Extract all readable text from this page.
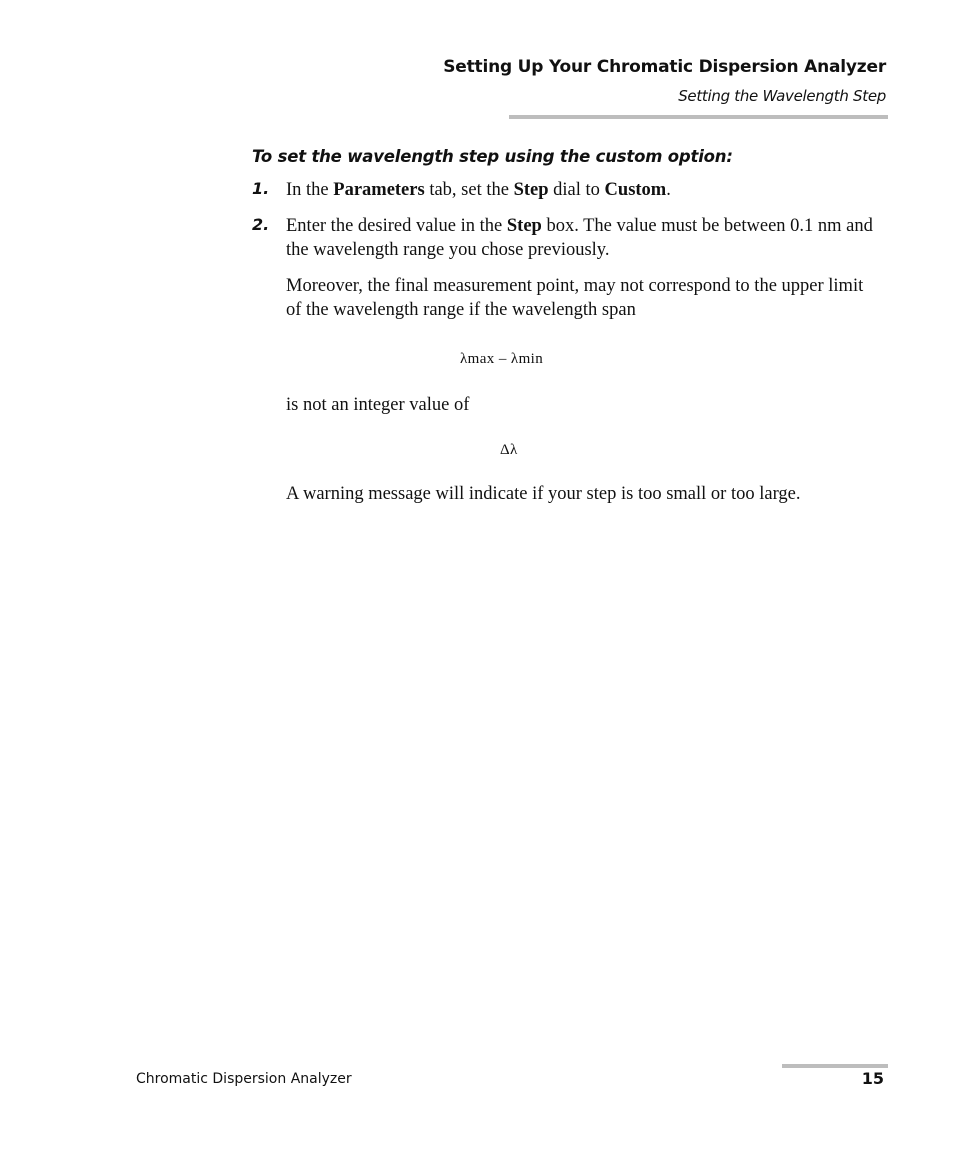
Setting Up Your Chromatic Dispersion Analyzer
Setting the Wavelength Step
To set the wavelength step using the custom option:
1. In the Parameters tab, set the Step dial to Custom.
2. Enter the desired value in the Step box. The value must be between 0.1 nm and the wavelength range you chose previously.
Moreover, the final measurement point, may not correspond to the upper limit of the wavelength range if the wavelength span
λmax – λmin
is not an integer value of
Δλ
A warning message will indicate if your step is too small or too large.
Chromatic Dispersion Analyzer	15
